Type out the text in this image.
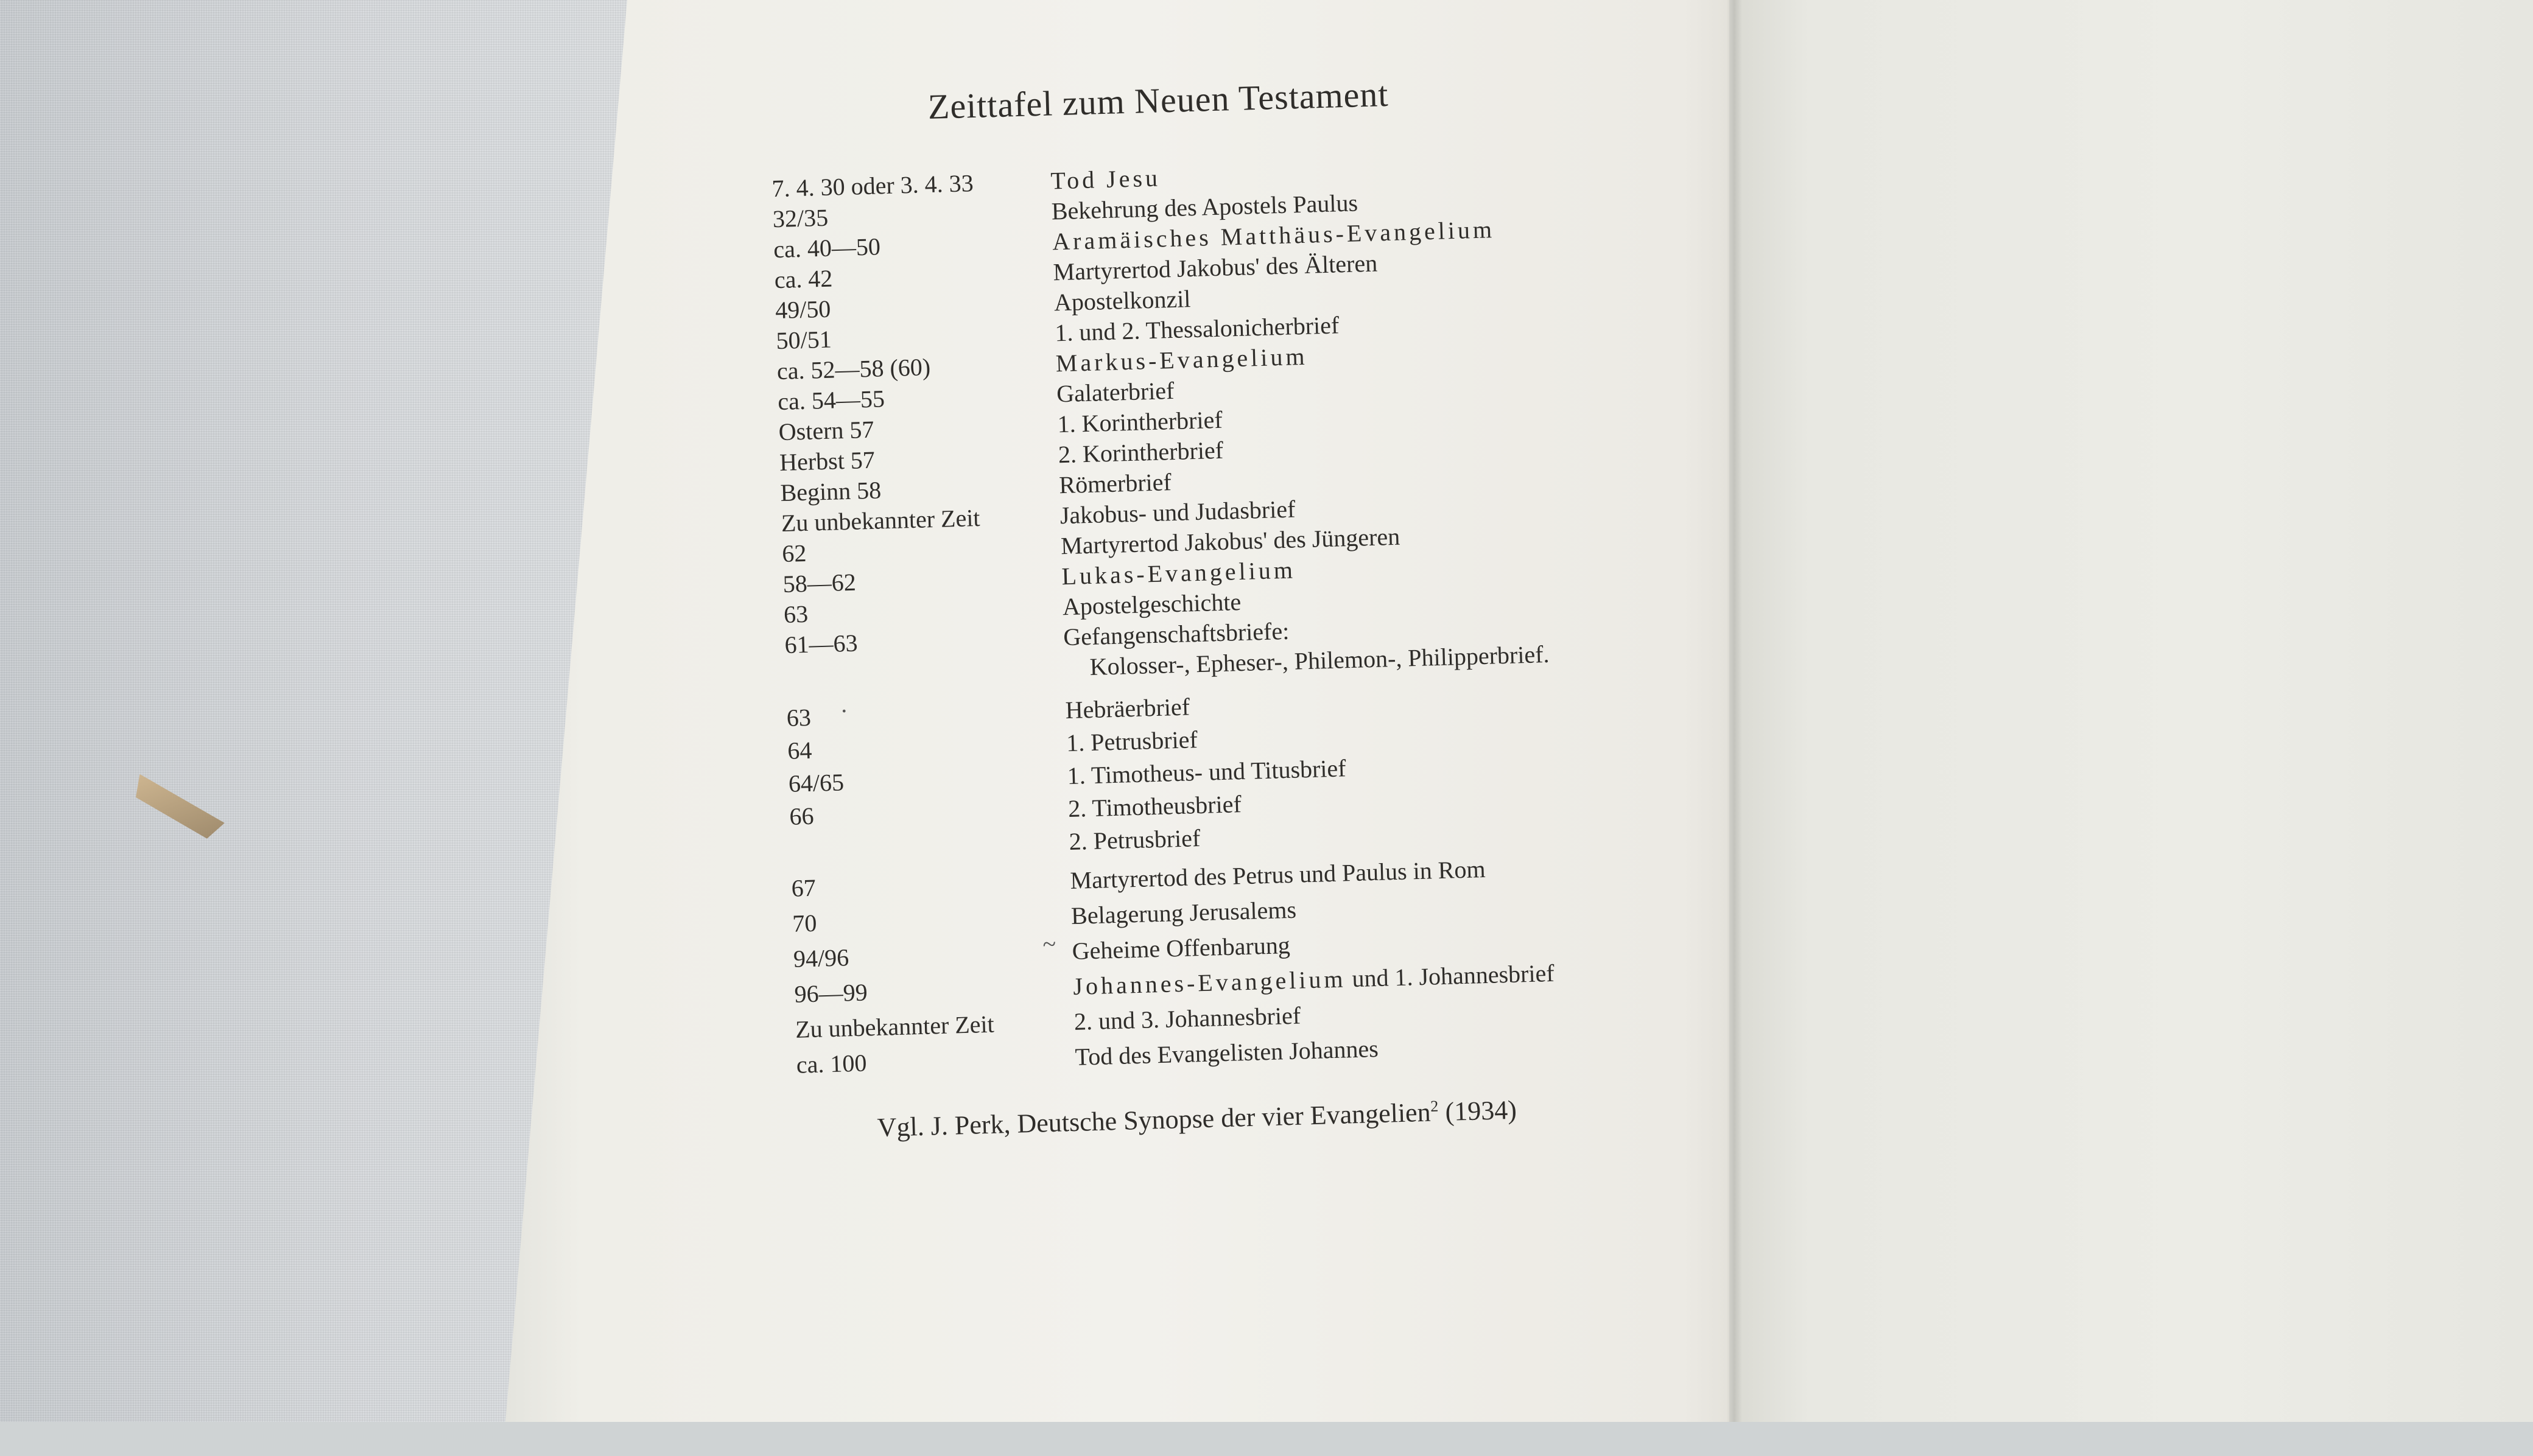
Zeittafel zum Neuen Testament
7. 4. 30 oder 3. 4. 33	Tod Jesu
32/35	Bekehrung des Apostels Paulus
ca. 40—50	Aramäisches Matthäus-Evangelium
ca. 42	Martyrertod Jakobus' des Älteren
49/50	Apostelkonzil
50/51	1. und 2. Thessalonicherbrief
ca. 52—58 (60)	Markus-Evangelium
ca. 54—55	Galaterbrief
Ostern 57	1. Korintherbrief
Herbst 57	2. Korintherbrief
Beginn 58	Römerbrief
Zu unbekannter Zeit	Jakobus- und Judasbrief
62	Martyrertod Jakobus' des Jüngeren
58—62	Lukas-Evangelium
63	Apostelgeschichte
61—63	Gefangenschaftsbriefe:
Kolosser-, Epheser-, Philemon-, Philipperbrief.
63	Hebräerbrief
·
64	1. Petrusbrief
64/65	1. Timotheus- und Titusbrief
66	2. Timotheusbrief
2. Petrusbrief
67	Martyrertod des Petrus und Paulus in Rom
70	Belagerung Jerusalems
94/96	Geheime Offenbarung
~
96—99	Johannes-Evangelium und 1. Johannesbrief
Zu unbekannter Zeit	2. und 3. Johannesbrief
ca. 100	Tod des Evangelisten Johannes
Vgl. J. Perk, Deutsche Synopse der vier Evangelien$^2$ (1934)
